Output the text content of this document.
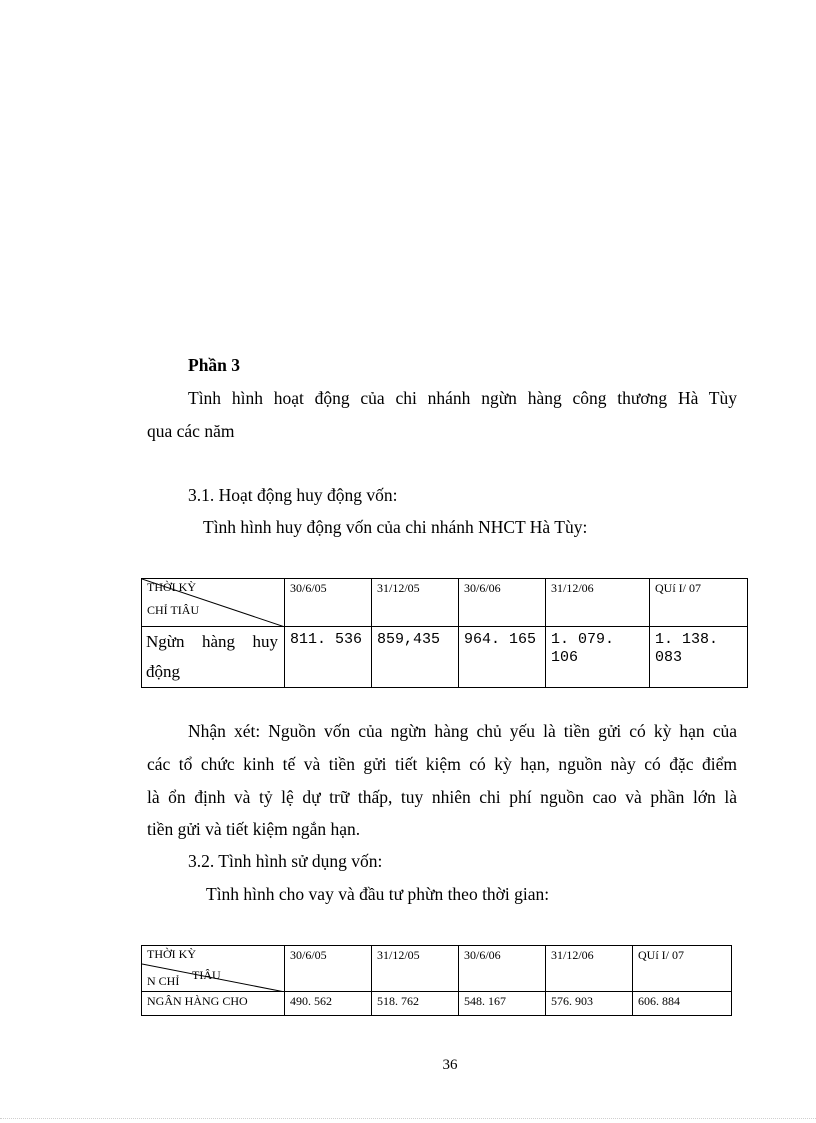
Phần 3
Tình hình hoạt động của chi nhánh ngừn hàng công thương Hà Tùy
qua các năm
3.1. Hoạt động huy động vốn:
Tình hình huy động vốn của chi nhánh NHCT Hà Tùy:
THỜI KỲ
CHỈ TIÂU	30/6/05	31/12/05	30/6/06	31/12/06	QUí I/ 07

Ngừn hàng huy
động	811. 536	859,435	964. 165	1. 079. 106	1. 138. 083
Nhận xét: Nguồn vốn của ngừn hàng chủ yếu là tiền gửi có kỳ hạn của
các tổ chức kinh tế và tiền gửi tiết kiệm có kỳ hạn, nguồn này có đặc điểm
là ổn định và tỷ lệ dự trữ thấp, tuy nhiên chi phí nguồn cao và phần lớn là
tiền gửi và tiết kiệm ngắn hạn.
3.2. Tình hình sử dụng vốn:
Tình hình cho vay và đầu tư phừn theo thời gian:
THỜI KỲ
N CHỈ TIÂU	30/6/05	31/12/05	30/6/06	31/12/06	QUí I/ 07

NGÂN HÀNG CHO	490. 562	518. 762	548. 167	576. 903	606. 884
36
